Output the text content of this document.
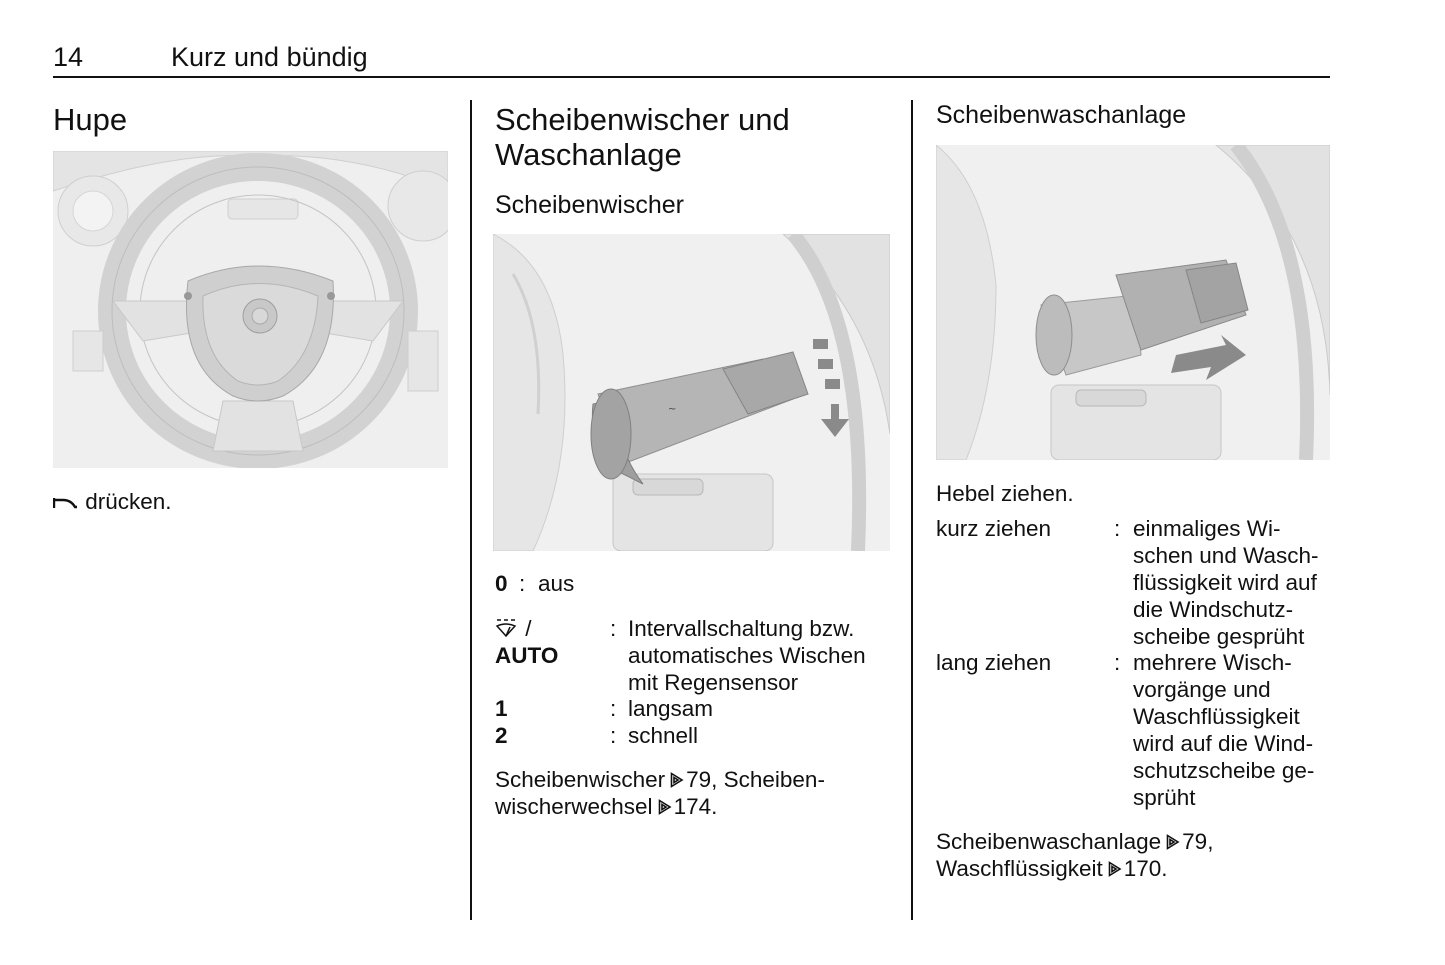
14	Kurz und bündig
Hupe
drücken.
Scheibenwischer und
Waschanlage
Scheibenwischer
~
0 : aus
/
AUTO
: Intervallschaltung bzw.
automatisches Wischen
mit Regensensor
1	: langsam
2	: schnell
Scheibenwischer 79, Scheiben-
wischerwechsel 174.
Scheibenwaschanlage
Hebel ziehen.
kurz ziehen	: einmaliges Wi-
schen und Wasch-
flüssigkeit wird auf
die Windschutz-
scheibe gesprüht
lang ziehen	: mehrere Wisch-
vorgänge und
Waschflüssigkeit
wird auf die Wind-
schutzscheibe ge-
sprüht
Scheibenwaschanlage 79,
Waschflüssigkeit 170.
